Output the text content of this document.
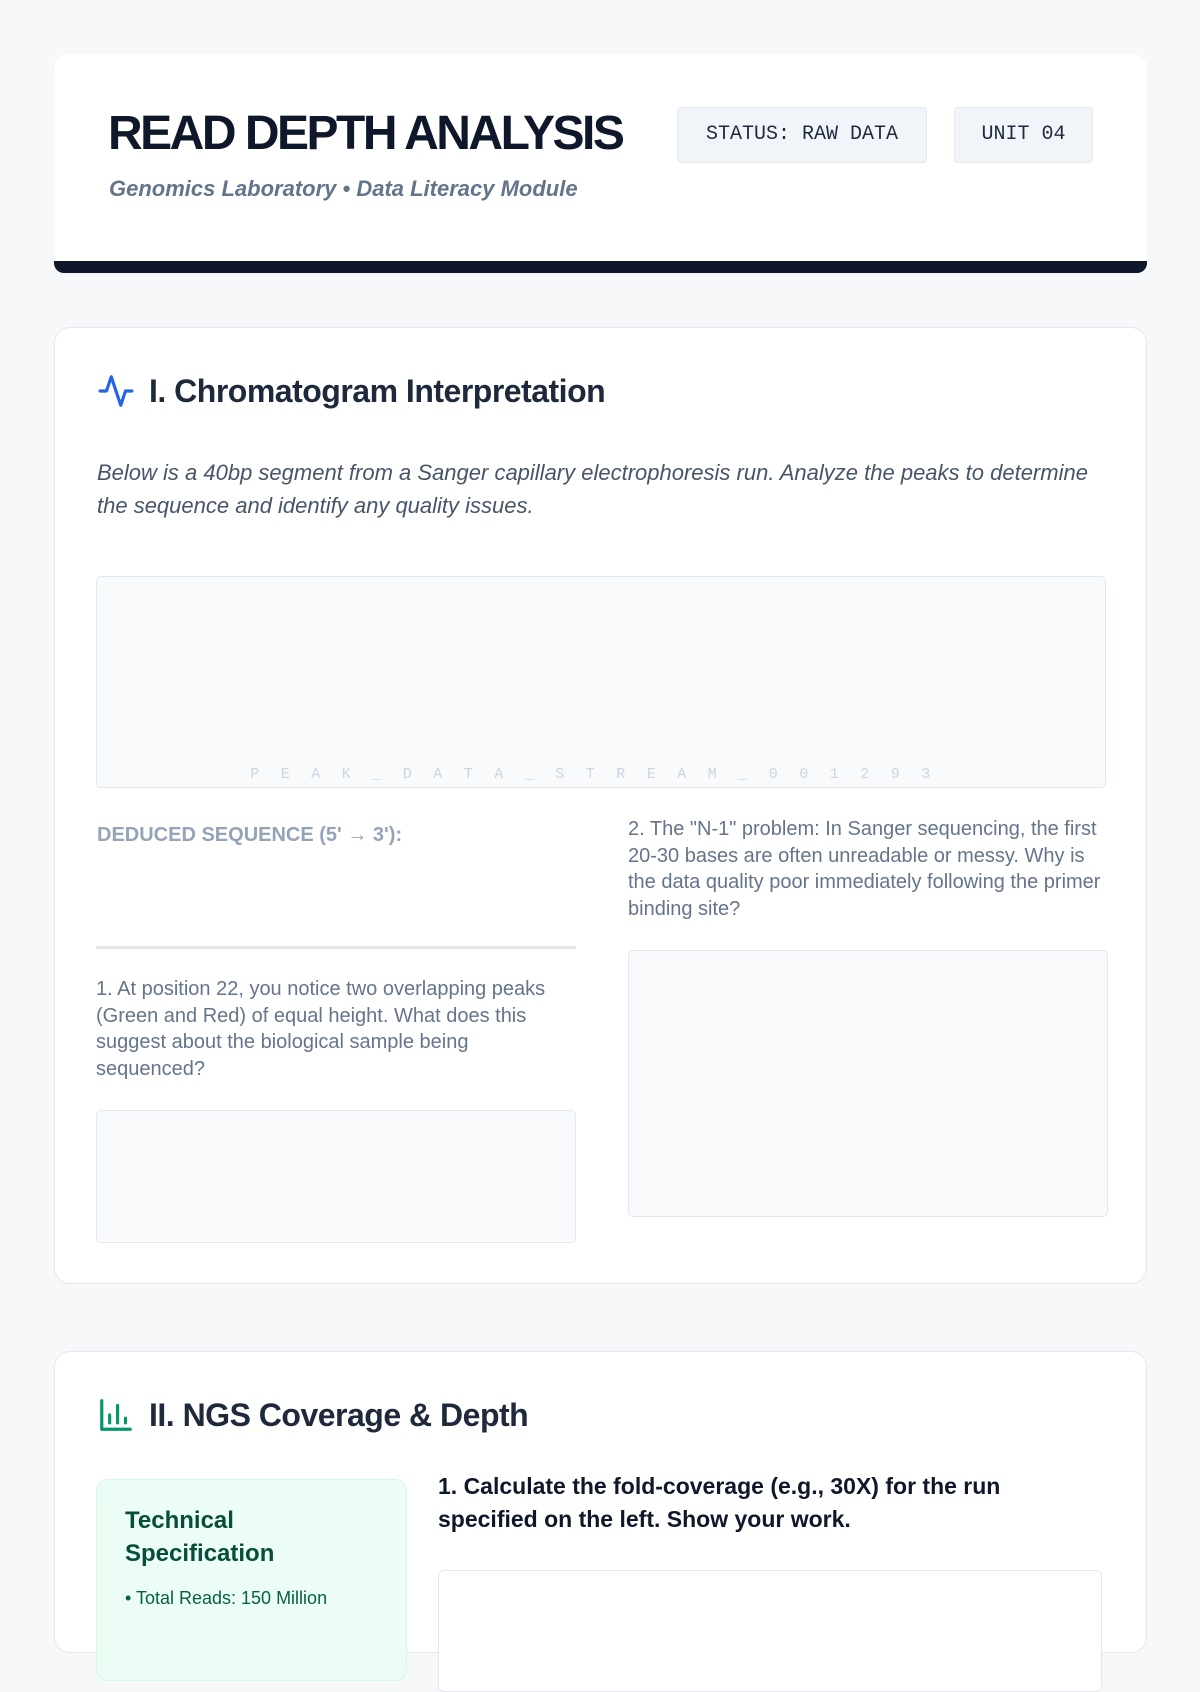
READ DEPTH ANALYSIS

Genomics Laboratory • Data Literacy Module

STATUS: RAW DATA	UNIT 04
I. Chromatogram Interpretation

Below is a 40bp segment from a Sanger capillary electrophoresis run. Analyze the peaks to determine the sequence and identify any quality issues.

PEAK_DATA_STREAM_001293

DEDUCED SEQUENCE (5' → 3'):

1. At position 22, you notice two overlapping peaks (Green and Red) of equal height. What does this suggest about the biological sample being sequenced?

2. The "N-1" problem: In Sanger sequencing, the first 20-30 bases are often unreadable or messy. Why is the data quality poor immediately following the primer binding site?

II. NGS Coverage & Depth

Technical Specification

• Total Reads: 150 Million

1. Calculate the fold-coverage (e.g., 30X) for the run specified on the left. Show your work.
